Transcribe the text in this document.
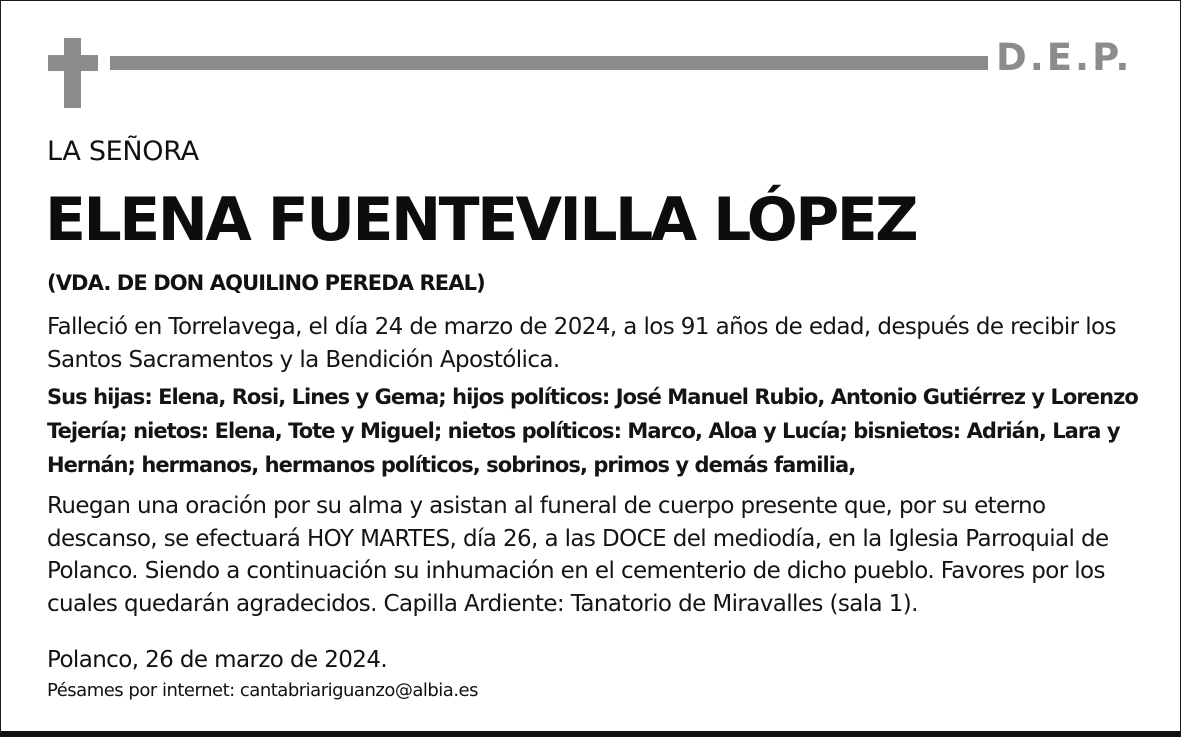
D.E.P.
LA SEÑORA
ELENA FUENTEVILLA LÓPEZ
(VDA. DE DON AQUILINO PEREDA REAL)
Falleció en Torrelavega, el día 24 de marzo de 2024, a los 91 años de edad, después de recibir los Santos Sacramentos y la Bendición Apostólica.
Sus hijas: Elena, Rosi, Lines y Gema; hijos políticos: José Manuel Rubio, Antonio Gutiérrez y Lorenzo Tejería; nietos: Elena, Tote y Miguel; nietos políticos: Marco, Aloa y Lucía; bisnietos: Adrián, Lara y Hernán; hermanos, hermanos políticos, sobrinos, primos y demás familia,
Ruegan una oración por su alma y asistan al funeral de cuerpo presente que, por su eterno descanso, se efectuará HOY MARTES, día 26, a las DOCE del mediodía, en la Iglesia Parroquial de Polanco. Siendo a continuación su inhumación en el cementerio de dicho pueblo. Favores por los cuales quedarán agradecidos. Capilla Ardiente: Tanatorio de Miravalles (sala 1).
Polanco, 26 de marzo de 2024.
Pésames por internet: cantabriariguanzo@albia.es
